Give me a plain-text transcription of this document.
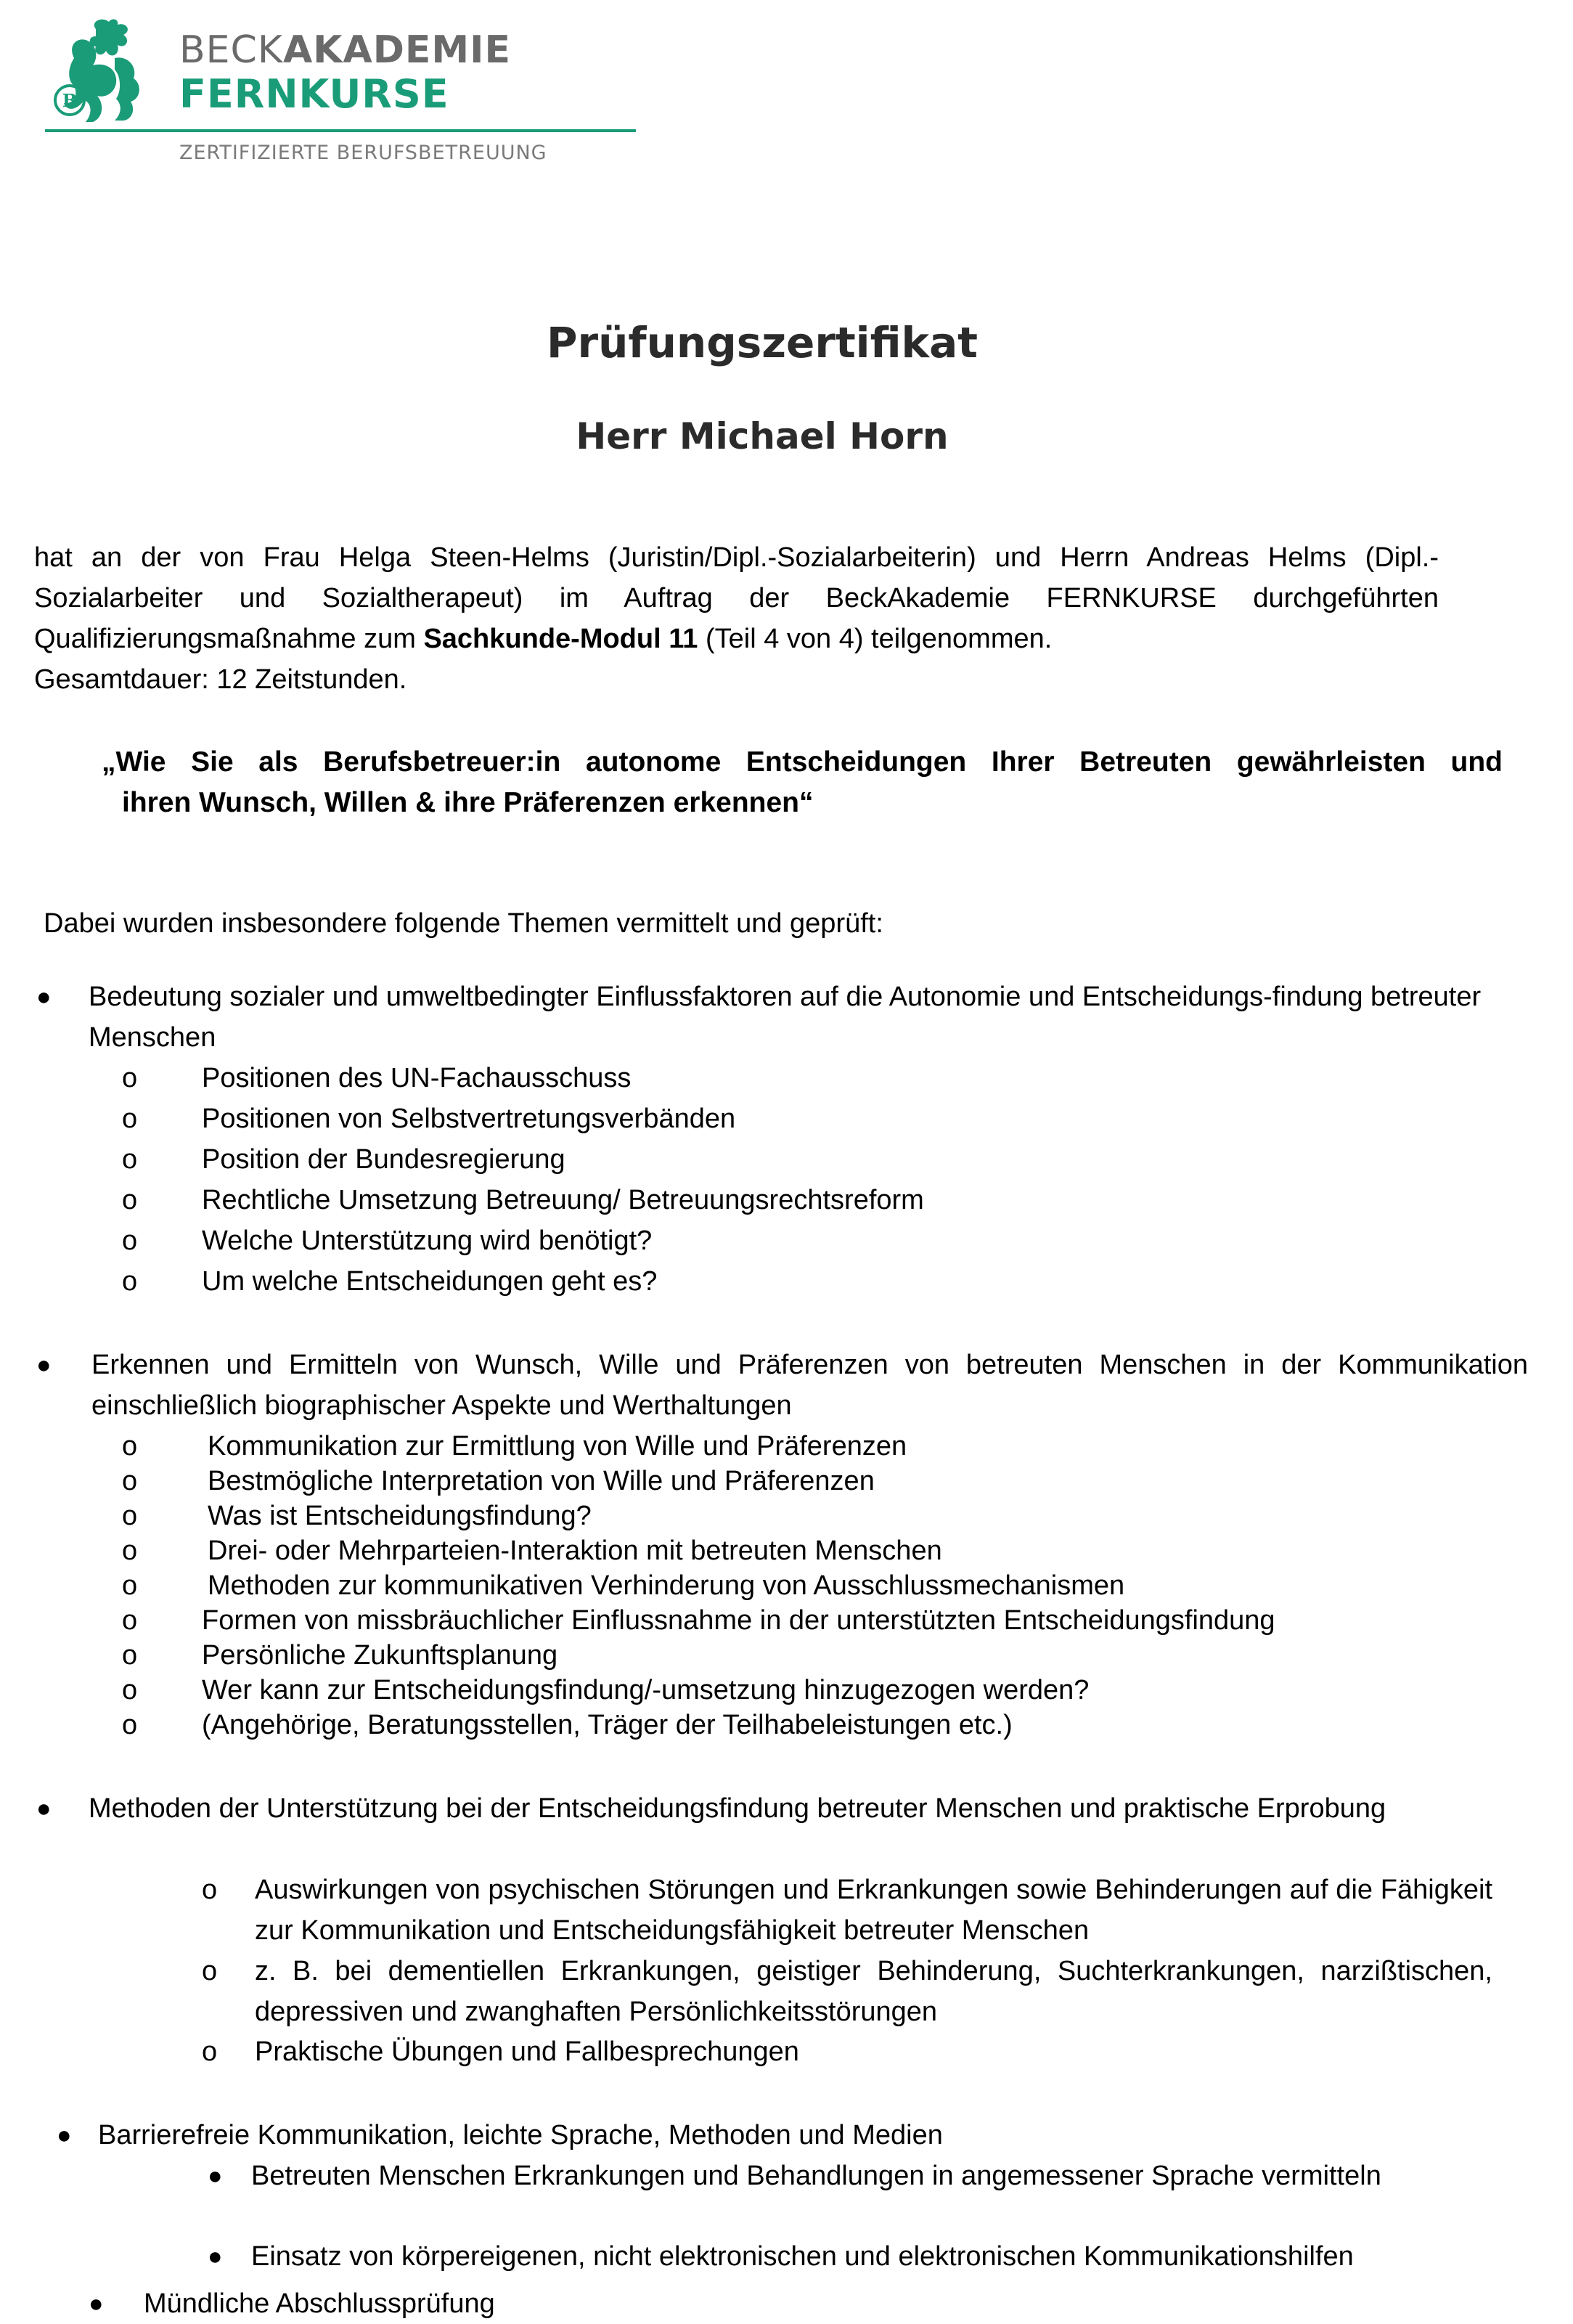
B
BECKAKADEMIE
FERNKURSE
ZERTIFIZIERTE BERUFSBETREUUNG
Prüfungszertifikat
Herr Michael Horn
hat an der von Frau Helga Steen-Helms (Juristin/Dipl.-Sozialarbeiterin) und Herrn Andreas Helms (Dipl.-Sozialarbeiter und Sozialtherapeut) im Auftrag der BeckAkademie FERNKURSE durchgeführten Qualifizierungsmaßnahme zum Sachkunde-Modul 11 (Teil 4 von 4) teilgenommen.
Gesamtdauer: 12 Zeitstunden.
„Wie Sie als Berufsbetreuer:in autonome Entscheidungen Ihrer Betreuten gewährleisten und
ihren Wunsch, Willen & ihre Präferenzen erkennen“
Dabei wurden insbesondere folgende Themen vermittelt und geprüft:
● Bedeutung sozialer und umweltbedingter Einflussfaktoren auf die Autonomie und Entscheidungs-findung betreuter Menschen
o Positionen des UN-Fachausschuss
o Positionen von Selbstvertretungsverbänden
o Position der Bundesregierung
o Rechtliche Umsetzung Betreuung/ Betreuungsrechtsreform
o Welche Unterstützung wird benötigt?
o Um welche Entscheidungen geht es?
● Erkennen und Ermitteln von Wunsch, Wille und Präferenzen von betreuten Menschen in der Kommunikation einschließlich biographischer Aspekte und Werthaltungen
o	Kommunikation zur Ermittlung von Wille und Präferenzen
o	Bestmögliche Interpretation von Wille und Präferenzen
o	Was ist Entscheidungsfindung?
o	Drei- oder Mehrparteien-Interaktion mit betreuten Menschen
o	Methoden zur kommunikativen Verhinderung von Ausschlussmechanismen
o Formen von missbräuchlicher Einflussnahme in der unterstützten Entscheidungsfindung
o Persönliche Zukunftsplanung
o Wer kann zur Entscheidungsfindung/-umsetzung hinzugezogen werden?
o (Angehörige, Beratungsstellen, Träger der Teilhabeleistungen etc.)
● Methoden der Unterstützung bei der Entscheidungsfindung betreuter Menschen und praktische Erprobung
o Auswirkungen von psychischen Störungen und Erkrankungen sowie Behinderungen auf die Fähigkeit zur Kommunikation und Entscheidungsfähigkeit betreuter Menschen
o z. B. bei dementiellen Erkrankungen, geistiger Behinderung, Suchterkrankungen, narzißtischen, depressiven und zwanghaften Persönlichkeitsstörungen
o Praktische Übungen und Fallbesprechungen
● Barrierefreie Kommunikation, leichte Sprache, Methoden und Medien
● Betreuten Menschen Erkrankungen und Behandlungen in angemessener Sprache vermitteln
● Einsatz von körpereigenen, nicht elektronischen und elektronischen Kommunikationshilfen
● Mündliche Abschlussprüfung
